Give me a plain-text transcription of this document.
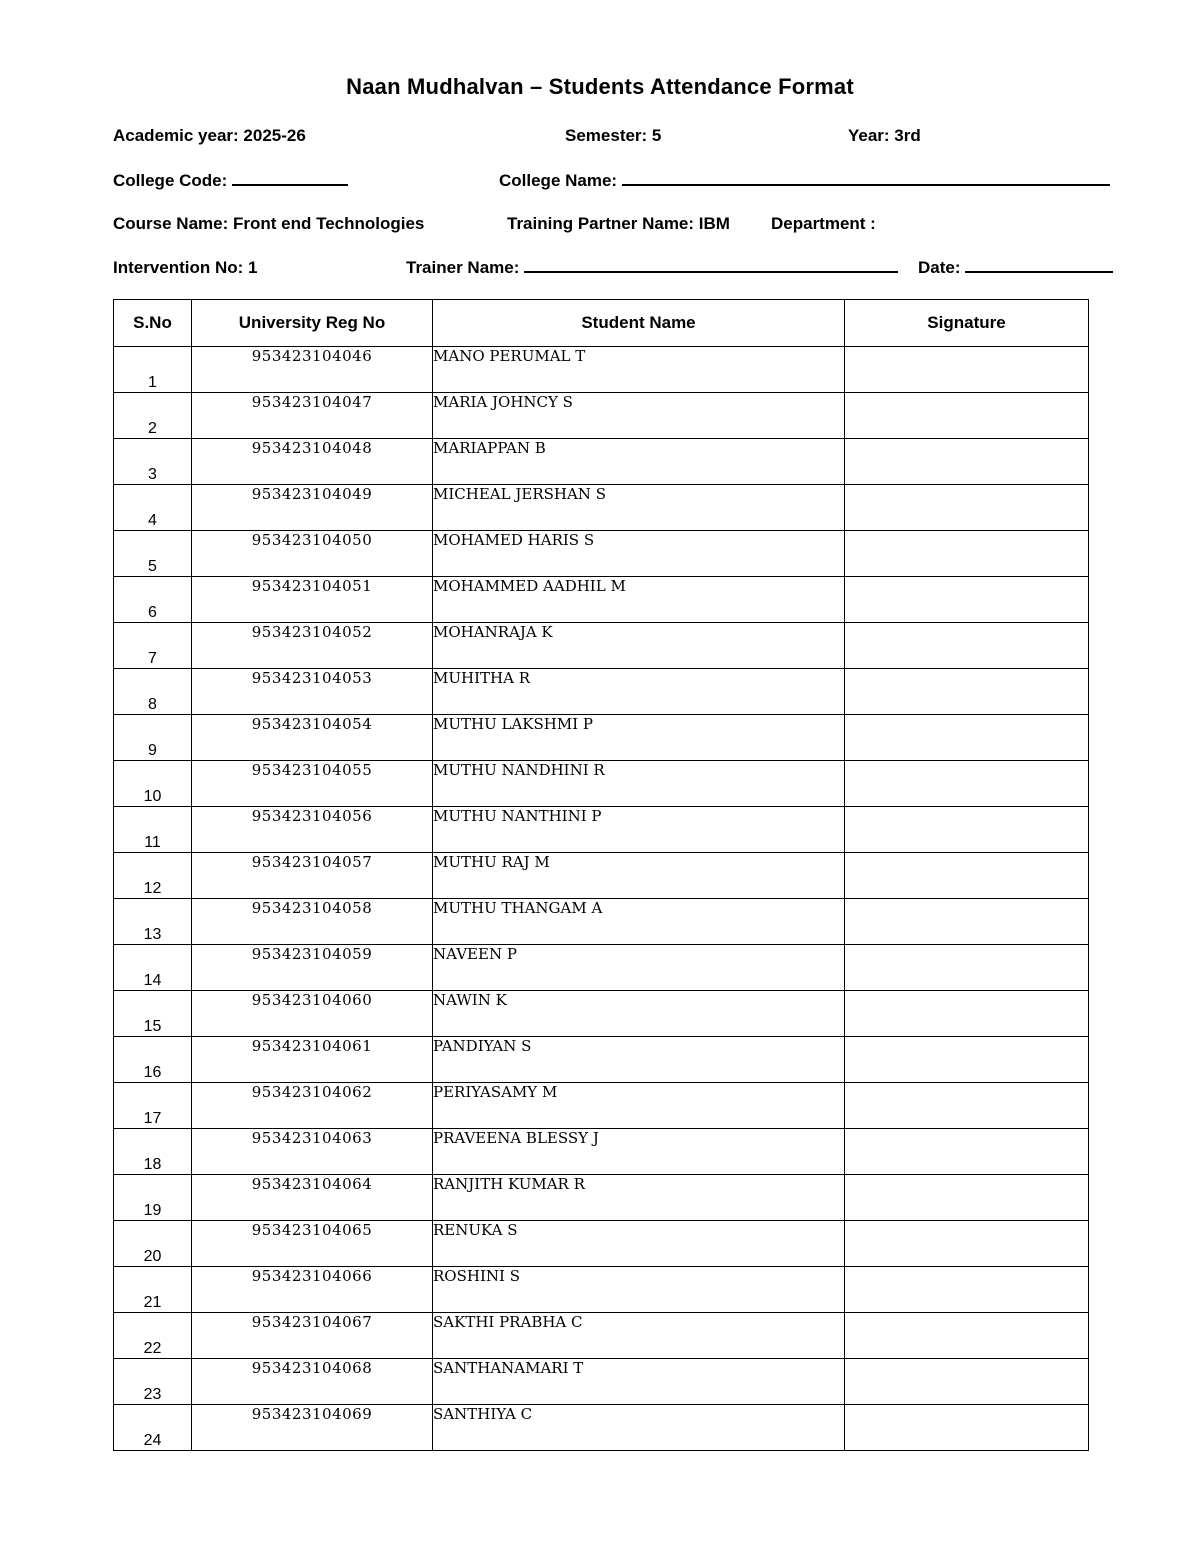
Naan Mudhalvan – Students Attendance Format
Academic year: 2025-26	Semester: 5	Year: 3rd
College Code:	College Name:
Course Name: Front end Technologies	Training Partner Name: IBM Department :
Intervention No: 1	Trainer Name:	Date:
S.No	University Reg No	Student Name	Signature
1	953423104046	MANO PERUMAL T	
2	953423104047	MARIA JOHNCY S	
3	953423104048	MARIAPPAN B	
4	953423104049	MICHEAL JERSHAN S	
5	953423104050	MOHAMED HARIS S	
6	953423104051	MOHAMMED AADHIL M	
7	953423104052	MOHANRAJA K	
8	953423104053	MUHITHA R	
9	953423104054	MUTHU LAKSHMI P	
10	953423104055	MUTHU NANDHINI R	
11	953423104056	MUTHU NANTHINI P	
12	953423104057	MUTHU RAJ M	
13	953423104058	MUTHU THANGAM A	
14	953423104059	NAVEEN P	
15	953423104060	NAWIN K	
16	953423104061	PANDIYAN S	
17	953423104062	PERIYASAMY M	
18	953423104063	PRAVEENA BLESSY J	
19	953423104064	RANJITH KUMAR R	
20	953423104065	RENUKA S	
21	953423104066	ROSHINI S	
22	953423104067	SAKTHI PRABHA C	
23	953423104068	SANTHANAMARI T	
24	953423104069	SANTHIYA C	
